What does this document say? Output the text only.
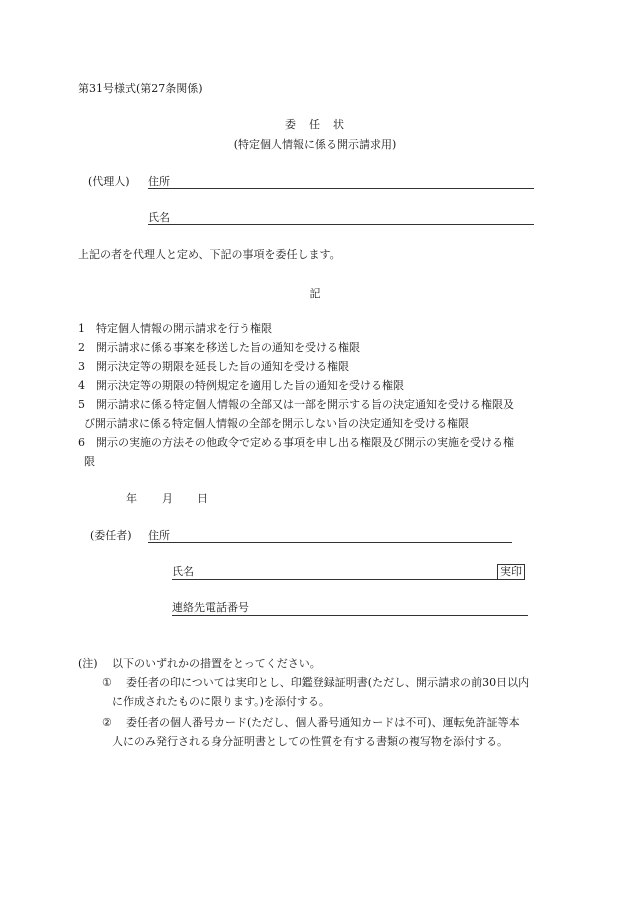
第31号様式(第27条関係)
委　任　状
(特定個人情報に係る開示請求用)
(代理人) 住所
氏名
上記の者を代理人と定め、下記の事項を委任します。
記
1 特定個人情報の開示請求を行う権限
2 開示請求に係る事案を移送した旨の通知を受ける権限
3 開示決定等の期限を延長した旨の通知を受ける権限
4 開示決定等の期限の特例規定を適用した旨の通知を受ける権限
5 開示請求に係る特定個人情報の全部又は一部を開示する旨の決定通知を受ける権限及
び開示請求に係る特定個人情報の全部を開示しない旨の決定通知を受ける権限
6 開示の実施の方法その他政令で定める事項を申し出る権限及び開示の実施を受ける権
限
年 月 日
(委任者) 住所
氏名	実印
連絡先電話番号
(注) 以下のいずれかの措置をとってください。
① 委任者の印については実印とし、印鑑登録証明書(ただし、開示請求の前30日以内
に作成されたものに限ります。)を添付する。
② 委任者の個人番号カード(ただし、個人番号通知カードは不可)、運転免許証等本
人にのみ発行される身分証明書としての性質を有する書類の複写物を添付する。
